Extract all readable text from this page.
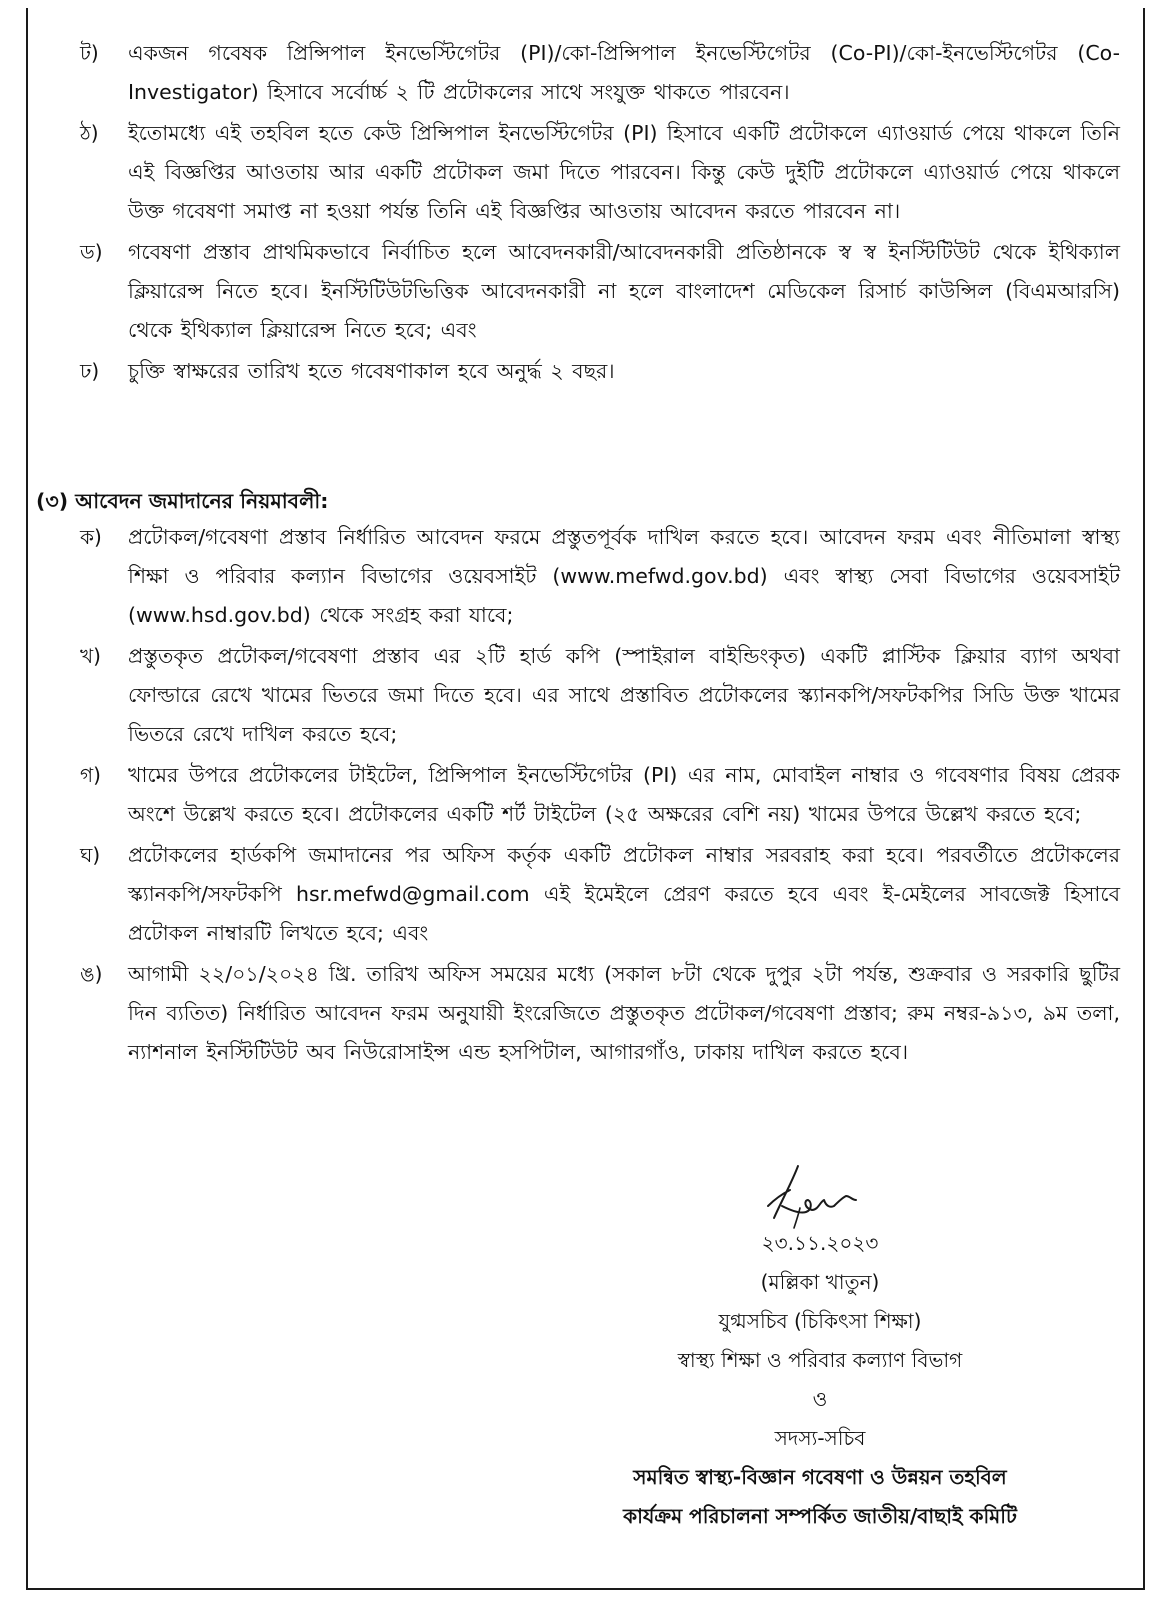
ট)	একজন গবেষক প্রিন্সিপাল ইনভেস্টিগেটর (PI)/কো-প্রিন্সিপাল ইনভেস্টিগেটর (Co-PI)/কো-ইনভেস্টিগেটর (Co- Investigator) হিসাবে সর্বোর্চ্চ ২ টি প্রটোকলের সাথে সংযুক্ত থাকতে পারবেন।
ঠ)	ইতোমধ্যে এই তহবিল হতে কেউ প্রিন্সিপাল ইনভেস্টিগেটর (PI) হিসাবে একটি প্রটোকলে এ্যাওয়ার্ড পেয়ে থাকলে তিনি এই বিজ্ঞপ্তির আওতায় আর একটি প্রটোকল জমা দিতে পারবেন। কিন্তু কেউ দুইটি প্রটোকলে এ্যাওয়ার্ড পেয়ে থাকলে উক্ত গবেষণা সমাপ্ত না হওয়া পর্যন্ত তিনি এই বিজ্ঞপ্তির আওতায় আবেদন করতে পারবেন না।
ড)	গবেষণা প্রস্তাব প্রাথমিকভাবে নির্বাচিত হলে আবেদনকারী/আবেদনকারী প্রতিষ্ঠানকে স্ব স্ব ইনস্টিটিউট থেকে ইথিক্যাল ক্লিয়ারেন্স নিতে হবে। ইনস্টিটিউটভিত্তিক আবেদনকারী না হলে বাংলাদেশ মেডিকেল রিসার্চ কাউন্সিল (বিএমআরসি) থেকে ইথিক্যাল ক্লিয়ারেন্স নিতে হবে; এবং
ঢ)	চুক্তি স্বাক্ষরের তারিখ হতে গবেষণাকাল হবে অনুর্দ্ধ ২ বছর।
(৩) আবেদন জমাদানের নিয়মাবলী:
ক)	প্রটোকল/গবেষণা প্রস্তাব নির্ধারিত আবেদন ফরমে প্রস্তুতপূর্বক দাখিল করতে হবে। আবেদন ফরম এবং নীতিমালা স্বাস্থ্য শিক্ষা ও পরিবার কল্যান বিভাগের ওয়েবসাইট (www.mefwd.gov.bd) এবং স্বাস্থ্য সেবা বিভাগের ওয়েবসাইট (www.hsd.gov.bd) থেকে সংগ্রহ করা যাবে;
খ)	প্রস্তুতকৃত প্রটোকল/গবেষণা প্রস্তাব এর ২টি হার্ড কপি (স্পাইরাল বাইন্ডিংকৃত) একটি প্লাস্টিক ক্লিয়ার ব্যাগ অথবা ফোল্ডারে রেখে খামের ভিতরে জমা দিতে হবে। এর সাথে প্রস্তাবিত প্রটোকলের স্ক্যানকপি/সফটকপির সিডি উক্ত খামের ভিতরে রেখে দাখিল করতে হবে;
গ)	খামের উপরে প্রটোকলের টাইটেল, প্রিন্সিপাল ইনভেস্টিগেটর (PI) এর নাম, মোবাইল নাম্বার ও গবেষণার বিষয় প্রেরক অংশে উল্লেখ করতে হবে। প্রটোকলের একটি শর্ট টাইটেল (২৫ অক্ষরের বেশি নয়) খামের উপরে উল্লেখ করতে হবে;
ঘ)	প্রটোকলের হার্ডকপি জমাদানের পর অফিস কর্তৃক একটি প্রটোকল নাম্বার সরবরাহ করা হবে। পরবর্তীতে প্রটোকলের স্ক্যানকপি/সফটকপি hsr.mefwd@gmail.com এই ইমেইলে প্রেরণ করতে হবে এবং ই-মেইলের সাবজেক্ট হিসাবে প্রটোকল নাম্বারটি লিখতে হবে; এবং
ঙ)	আগামী ২২/০১/২০২৪ খ্রি. তারিখ অফিস সময়ের মধ্যে (সকাল ৮টা থেকে দুপুর ২টা পর্যন্ত, শুক্রবার ও সরকারি ছুটির দিন ব্যতিত) নির্ধারিত আবেদন ফরম অনুযায়ী ইংরেজিতে প্রস্তুতকৃত প্রটোকল/গবেষণা প্রস্তাব; রুম নম্বর-৯১৩, ৯ম তলা, ন্যাশনাল ইনস্টিটিউট অব নিউরোসাইন্স এন্ড হসপিটাল, আগারগাঁও, ঢাকায় দাখিল করতে হবে।
২৩.১১.২০২৩
(মল্লিকা খাতুন)
যুগ্মসচিব (চিকিৎসা শিক্ষা)
স্বাস্থ্য শিক্ষা ও পরিবার কল্যাণ বিভাগ
ও
সদস্য-সচিব
সমন্বিত স্বাস্থ্য-বিজ্ঞান গবেষণা ও উন্নয়ন তহবিল
কার্যক্রম পরিচালনা সম্পর্কিত জাতীয়/বাছাই কমিটি
